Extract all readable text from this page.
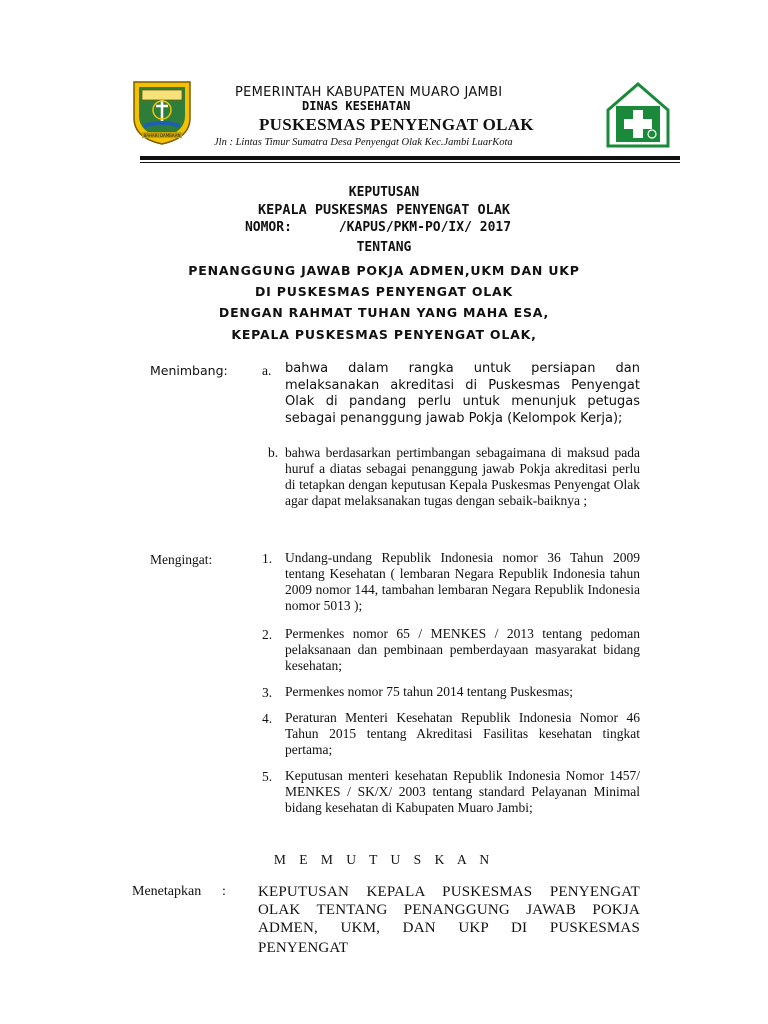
BAHARI DAMBAAN
PEMERINTAH KABUPATEN MUARO JAMBI
DINAS KESEHATAN
PUSKESMAS PENYENGAT OLAK
Jln : Lintas Timur Sumatra Desa Penyengat Olak Kec.Jambi LuarKota
KEPUTUSAN
KEPALA PUSKESMAS PENYENGAT OLAK
NOMOR:      /KAPUS/PKM-PO/IX/ 2017
TENTANG
PENANGGUNG JAWAB POKJA ADMEN,UKM DAN UKP
DI PUSKESMAS PENYENGAT OLAK
DENGAN RAHMAT TUHAN YANG MAHA ESA,
KEPALA PUSKESMAS PENYENGAT OLAK,
Menimbang:	a. bahwa dalam rangka untuk persiapan dan melaksanakan akreditasi di Puskesmas Penyengat Olak di pandang perlu untuk menunjuk petugas sebagai penanggung jawab Pokja (Kelompok Kerja);
b. bahwa berdasarkan pertimbangan sebagaimana di maksud pada huruf a diatas sebagai penanggung jawab Pokja akreditasi perlu di tetapkan dengan keputusan Kepala Puskesmas Penyengat Olak agar dapat melaksanakan tugas dengan sebaik-baiknya ;
Mengingat:	1. Undang-undang Republik Indonesia nomor 36 Tahun 2009 tentang Kesehatan ( lembaran Negara Republik Indonesia tahun 2009 nomor 144, tambahan lembaran Negara Republik Indonesia nomor 5013 );
2. Permenkes nomor 65 / MENKES / 2013 tentang pedoman pelaksanaan dan pembinaan pemberdayaan masyarakat bidang kesehatan;
3. Permenkes nomor 75 tahun 2014 tentang Puskesmas;
4. Peraturan Menteri Kesehatan Republik Indonesia Nomor 46 Tahun 2015 tentang Akreditasi Fasilitas kesehatan tingkat pertama;
5. Keputusan menteri kesehatan Republik Indonesia Nomor 1457/ MENKES / SK/X/ 2003 tentang standard Pelayanan Minimal bidang kesehatan di Kabupaten Muaro Jambi;
M E M U T U S K A N
Menetapkan : KEPUTUSAN KEPALA PUSKESMAS PENYENGAT
OLAK TENTANG PENANGGUNG JAWAB POKJA
ADMEN, UKM, DAN UKP DI PUSKESMAS PENYENGAT
